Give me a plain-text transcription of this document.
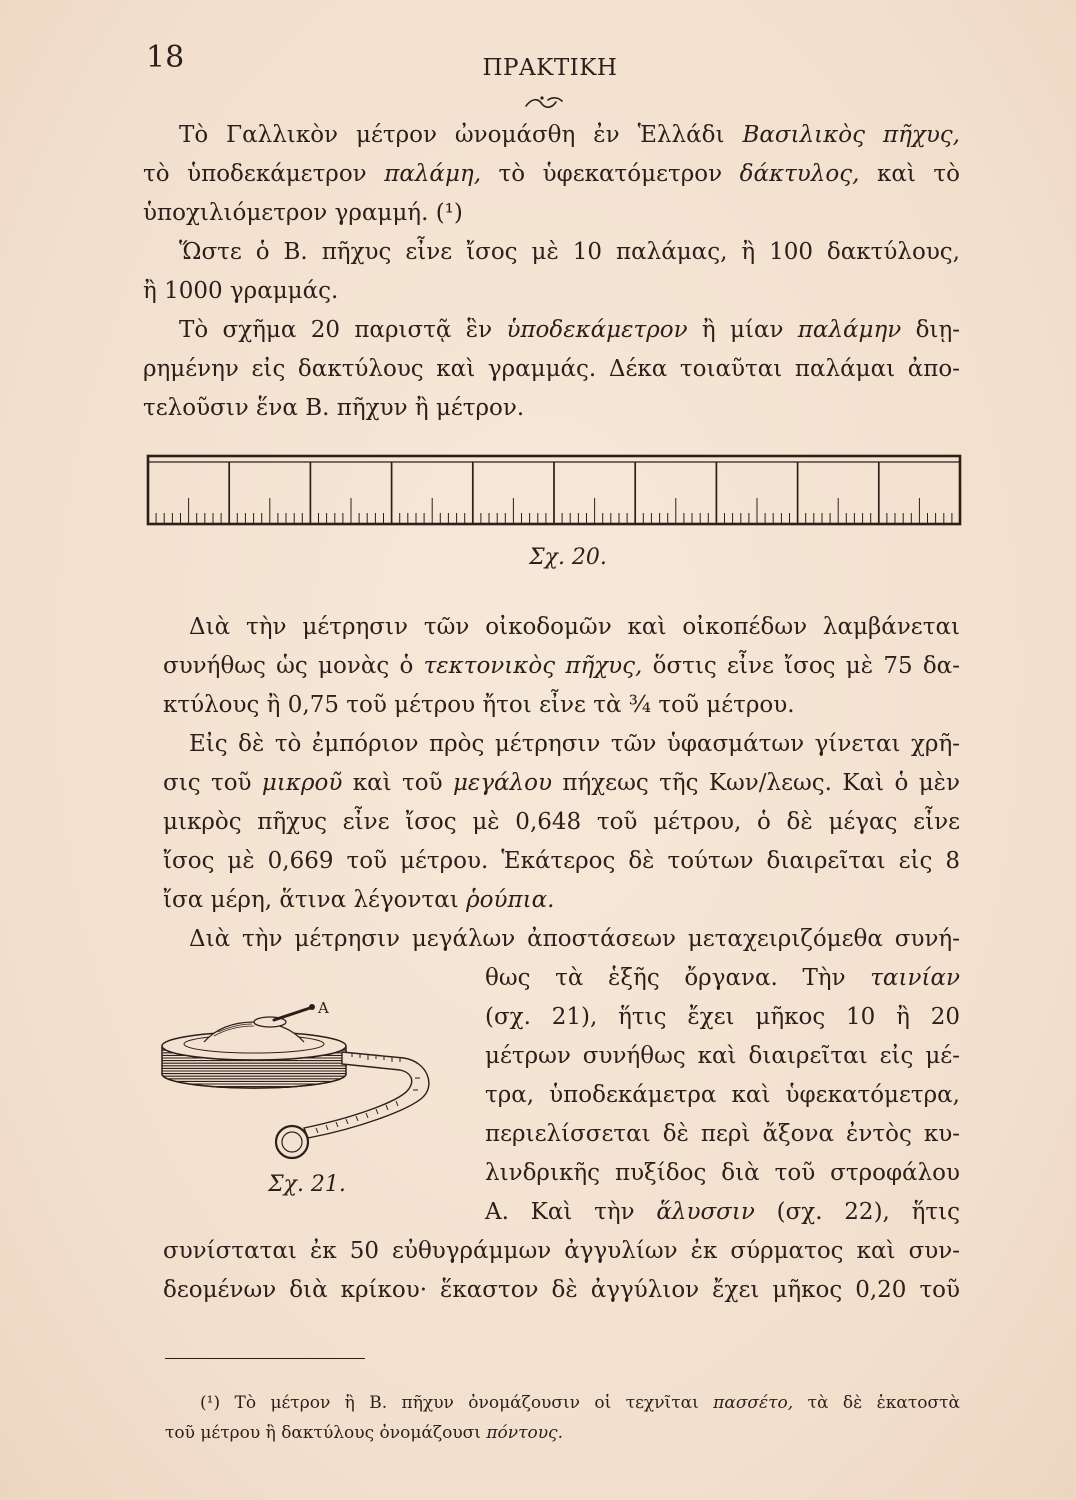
18	ΠΡΑΚΤΙΚΗ
Τὸ Γαλλικὸν μέτρον ὠνομάσθη ἐν Ἑλλάδι Βασιλικὸς πῆχυς,
τὸ ὑποδεκάμετρον παλάμη, τὸ ὑφεκατόμετρον δάκτυλος, καὶ τὸ
ὑποχιλιόμετρον γραμμή. (¹)
Ὥστε ὁ Β. πῆχυς εἶνε ἴσος μὲ 10 παλάμας, ἢ 100 δακτύλους,
ἢ 1000 γραμμάς.
Τὸ σχῆμα 20 παριστᾷ ἓν ὑποδεκάμετρον ἢ μίαν παλάμην διῃ-
ρημένην εἰς δακτύλους καὶ γραμμάς. Δέκα τοιαῦται παλάμαι ἀπο-
τελοῦσιν ἕνα Β. πῆχυν ἢ μέτρον.
Σχ. 20.
Διὰ τὴν μέτρησιν τῶν οἰκοδομῶν καὶ οἰκοπέδων λαμβάνεται
συνήθως ὡς μονὰς ὁ τεκτονικὸς πῆχυς, ὅστις εἶνε ἴσος μὲ 75 δα-
κτύλους ἢ 0,75 τοῦ μέτρου ἤτοι εἶνε τὰ ¾ τοῦ μέτρου.
Εἰς δὲ τὸ ἐμπόριον πρὸς μέτρησιν τῶν ὑφασμάτων γίνεται χρῆ-
σις τοῦ μικροῦ καὶ τοῦ μεγάλου πήχεως τῆς Κων/λεως. Καὶ ὁ μὲν
μικρὸς πῆχυς εἶνε ἴσος μὲ 0,648 τοῦ μέτρου, ὁ δὲ μέγας εἶνε
ἴσος μὲ 0,669 τοῦ μέτρου. Ἑκάτερος δὲ τούτων διαιρεῖται εἰς 8
ἴσα μέρη, ἅτινα λέγονται ῥούπια.
Διὰ τὴν μέτρησιν μεγάλων ἀποστάσεων μεταχειριζόμεθα συνή-
θως τὰ ἑξῆς ὄργανα. Τὴν ταινίαν
(σχ. 21), ἥτις ἔχει μῆκος 10 ἢ 20
μέτρων συνήθως καὶ διαιρεῖται εἰς μέ-
τρα, ὑποδεκάμετρα καὶ ὑφεκατόμετρα,
περιελίσσεται δὲ περὶ ἄξονα ἐντὸς κυ-
λινδρικῆς πυξίδος διὰ τοῦ στροφάλου
Α. Καὶ τὴν ἅλυσσιν (σχ. 22), ἥτις
συνίσταται ἐκ 50 εὐθυγράμμων ἀγγυλίων ἐκ σύρματος καὶ συν-
δεομένων διὰ κρίκου· ἕκαστον δὲ ἀγγύλιον ἔχει μῆκος 0,20 τοῦ
Α
Σχ. 21.
(¹) Τὸ μέτρον ἢ Β. πῆχυν ὀνομάζουσιν οἱ τεχνῖται πασσέτο, τὰ δὲ ἑκατοστὰ
τοῦ μέτρου ἢ δακτύλους ὀνομάζουσι πόντους.
